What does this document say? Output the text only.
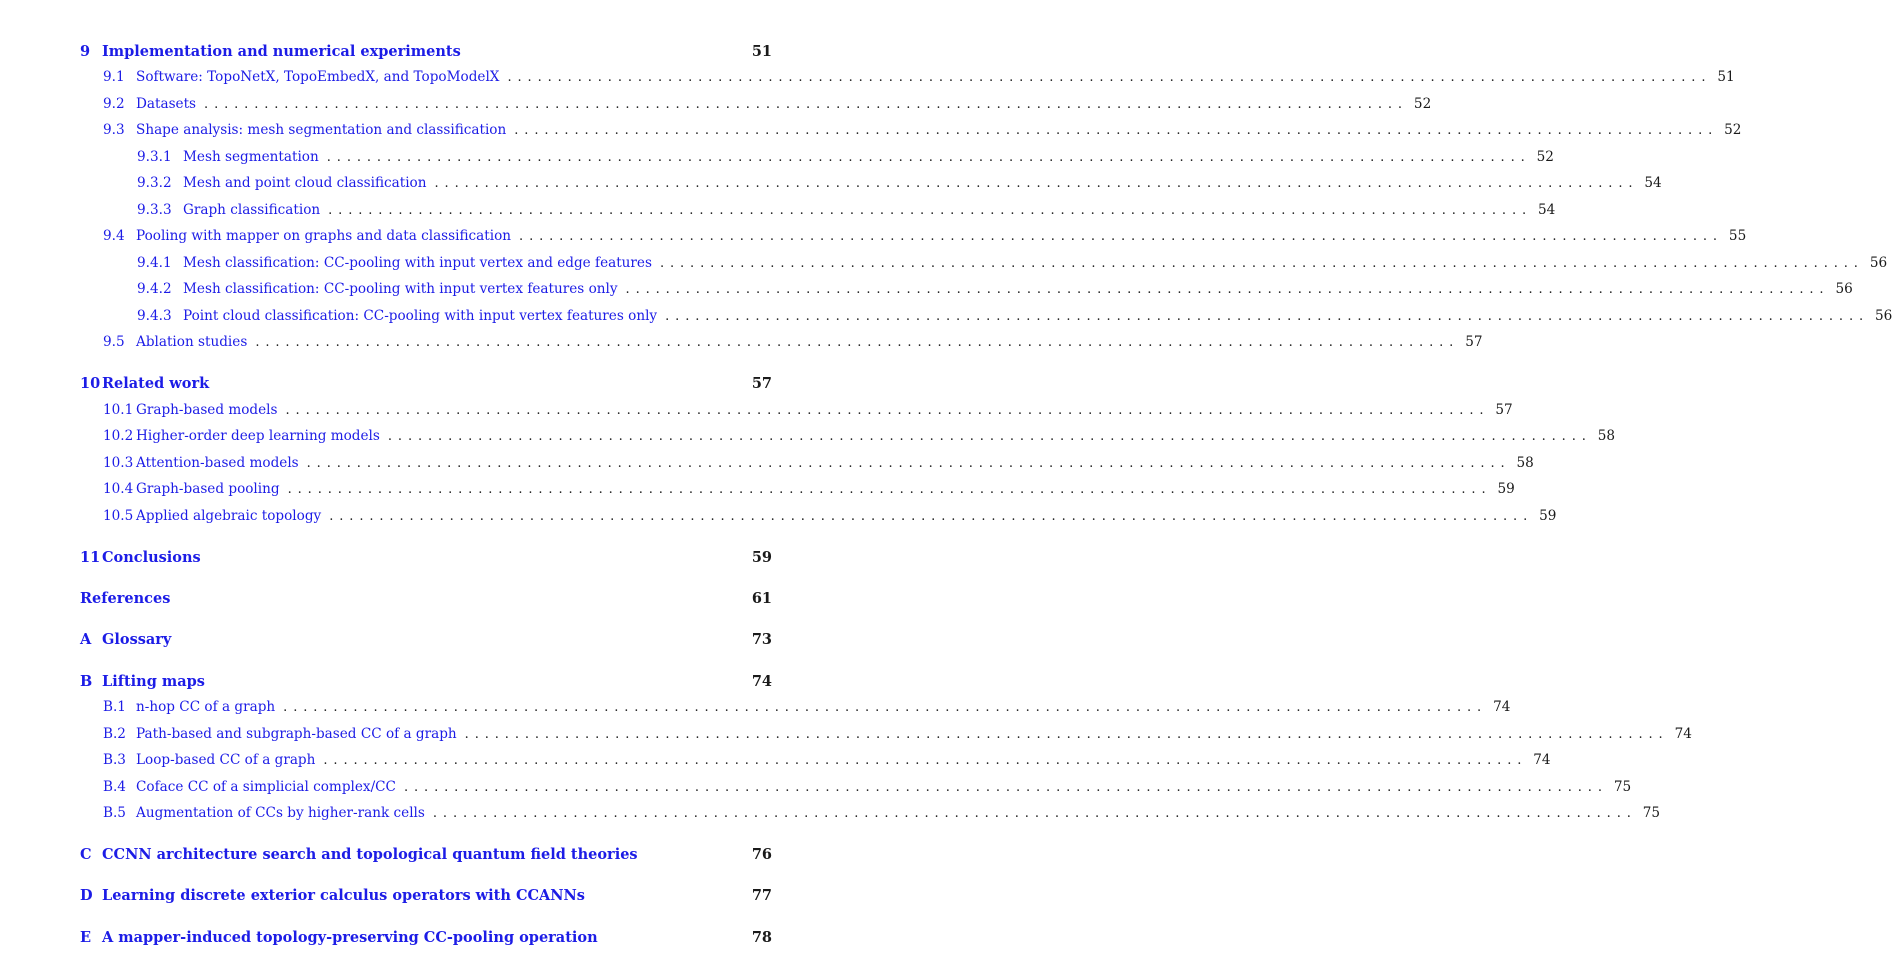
9 Implementation and numerical experiments	51
9.1 Software: TopoNetX, TopoEmbedX, and TopoModelX ........................................................................................................................ 51
9.2 Datasets ........................................................................................................................ 52
9.3 Shape analysis: mesh segmentation and classification ........................................................................................................................ 52
9.3.1 Mesh segmentation ........................................................................................................................ 52
9.3.2 Mesh and point cloud classification ........................................................................................................................ 54
9.3.3 Graph classification ........................................................................................................................ 54
9.4 Pooling with mapper on graphs and data classification ........................................................................................................................ 55
9.4.1 Mesh classification: CC-pooling with input vertex and edge features ........................................................................................................................ 56
9.4.2 Mesh classification: CC-pooling with input vertex features only ........................................................................................................................ 56
9.4.3 Point cloud classification: CC-pooling with input vertex features only ........................................................................................................................ 56
9.5 Ablation studies ........................................................................................................................ 57
10 Related work	57
10.1 Graph-based models ........................................................................................................................ 57
10.2 Higher-order deep learning models ........................................................................................................................ 58
10.3 Attention-based models ........................................................................................................................ 58
10.4 Graph-based pooling ........................................................................................................................ 59
10.5 Applied algebraic topology ........................................................................................................................ 59
11 Conclusions	59
References	61
A Glossary	73
B Lifting maps	74
B.1 n-hop CC of a graph ........................................................................................................................ 74
B.2 Path-based and subgraph-based CC of a graph ........................................................................................................................ 74
B.3 Loop-based CC of a graph ........................................................................................................................ 74
B.4 Coface CC of a simplicial complex/CC ........................................................................................................................ 75
B.5 Augmentation of CCs by higher-rank cells ........................................................................................................................ 75
C CCNN architecture search and topological quantum field theories	76
D Learning discrete exterior calculus operators with CCANNs	77
E A mapper-induced topology-preserving CC-pooling operation	78
